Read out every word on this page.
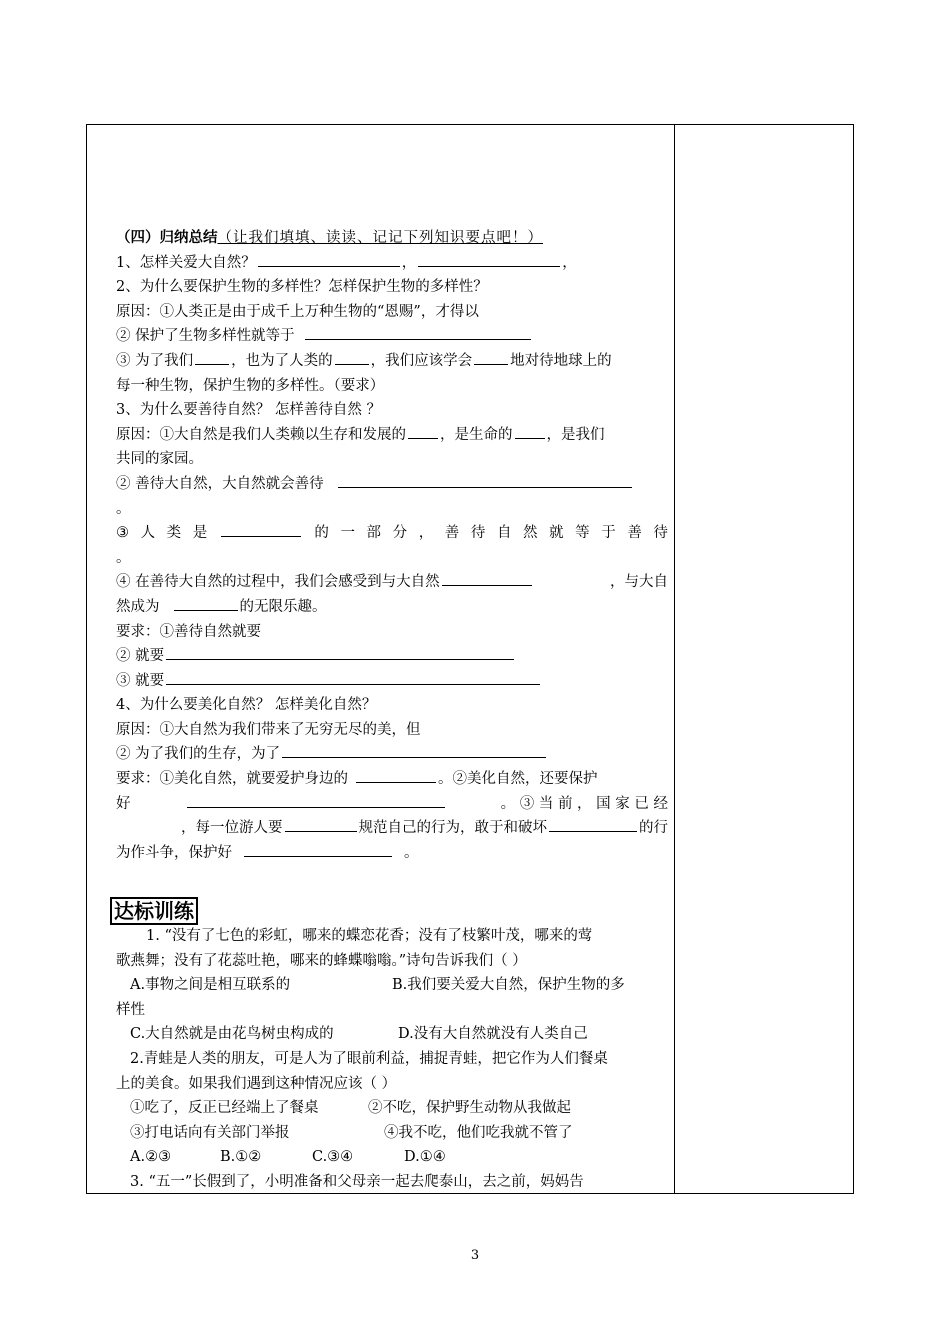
（四）归纳总结（让我们填填、读读、记记下列知识要点吧！）
1、怎样关爱大自然？	，	，
2、为什么要保护生物的多样性？怎样保护生物的多样性？
原因：①人类正是由于成千上万种生物的“恩赐”，才得以
② 保护了生物多样性就等于
③ 为了我们	，也为了人类的	，我们应该学会	地对待地球上的
每一种生物，保护生物的多样性。（要求）
3、为什么要善待自然？ 怎样善待自然 ？
原因：①大自然是我们人类赖以生存和发展的 ，是生命的 ，是我们
共同的家园。
② 善待大自然，大自然就会善待
。
③ 人 类 是	的 一 部 分 ， 善 待 自 然 就 等 于 善 待
。
④ 在善待大自然的过程中，我们会感受到与大自然	，与大自
然成为	的无限乐趣。
要求：①善待自然就要
② 就要
③ 就要
4、为什么要美化自然？ 怎样美化自然？
原因：①大自然为我们带来了无穷无尽的美，但
② 为了我们的生存，为了
要求：①美化自然，就要爱护身边的	。②美化自然，还要保护
好	。 ③ 当 前 ， 国 家 已 经
，每一位游人要	规范自己的行为，敢于和破坏	的行
为作斗争，保护好	。
达标训练
1. “没有了七色的彩虹，哪来的蝶恋花香；没有了枝繁叶茂，哪来的莺
歌燕舞；没有了花蕊吐艳，哪来的蜂蝶嗡嗡。”诗句告诉我们（ ）
A.事物之间是相互联系的	B.我们要关爱大自然，保护生物的多
样性
C.大自然就是由花鸟树虫构成的	D.没有大自然就没有人类自己
2.青蛙是人类的朋友，可是人为了眼前利益，捕捉青蛙，把它作为人们餐桌
上的美食。如果我们遇到这种情况应该（ ）
①吃了，反正已经端上了餐桌	②不吃，保护野生动物从我做起
③打电话向有关部门举报	④我不吃，他们吃我就不管了
A.②③	B.①②	C.③④	D.①④
3. “五一”长假到了，小明准备和父母亲一起去爬泰山，去之前，妈妈告
3
